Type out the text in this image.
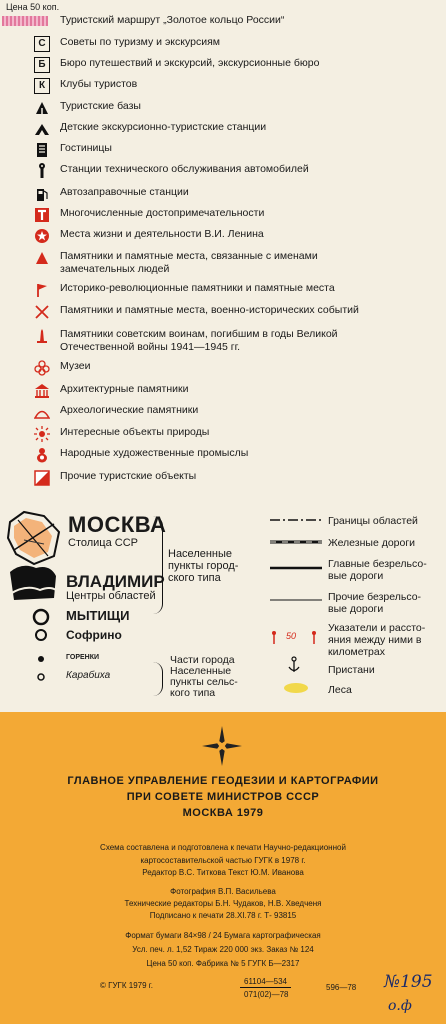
Цена 50 коп.
Туристский маршрут „Золотое кольцо России“
С	Советы по туризму и экскурсиям
Б	Бюро путешествий и экскурсий, экскурсионные бюро
К	Клубы туристов
Туристские базы
Детские экскурсионно-туристские станции
Гостиницы
Станции технического обслуживания автомобилей
Автозаправочные станции
Многочисленные достопримечательности
Места жизни и деятельности В.И. Ленина
Памятники и памятные места, связанные с именами
замечательных людей
Историко-революционные памятники и памятные места
Памятники и памятные места, военно-исторических событий
Памятники советским воинам, погибшим в годы Великой
Отечественной войны 1941—1945 гг.
Музеи
Архитектурные памятники
Археологические памятники
Интересные объекты природы
Народные художественные промыслы
Прочие туристские объекты
МОСКВА
Столица ССР
ВЛАДИМИР
Центры областей
Населенные
пункты город-
ского типа
МЫТИЩИ
Софрино
ГОРЕНКИ
Карабиха
Части города
Населенные
пункты сельс-
кого типа
Границы областей
Железные дороги
Главные безрельсо-
вые дороги
Прочие безрельсо-
вые дороги
50
Указатели и рассто-
яния между ними в
километрах
Пристани
Леса
ГЛАВНОЕ УПРАВЛЕНИЕ ГЕОДЕЗИИ И КАРТОГРАФИИ
ПРИ СОВЕТЕ МИНИСТРОВ СССР
МОСКВА 1979
Схема составлена и подготовлена к печати Научно-редакционной
картосоставительской частью ГУГК в 1978 г.
Редактор В.С. Титкова Текст Ю.М. Иванова
Фотография В.П. Васильева
Технические редакторы Б.Н. Чудаков, Н.В. Хведченя
Подписано к печати 28.XI.78 г. Т- 93815
Формат бумаги 84×98 / 24 Бумага картографическая
Усл. печ. л. 1,52 Тираж 220 000 экз. Заказ № 124
Цена 50 коп. Фабрика № 5 ГУГК Б—2317
© ГУГК 1979 г.	61104—534
071(02)—78
596—78 №195
о.ф
